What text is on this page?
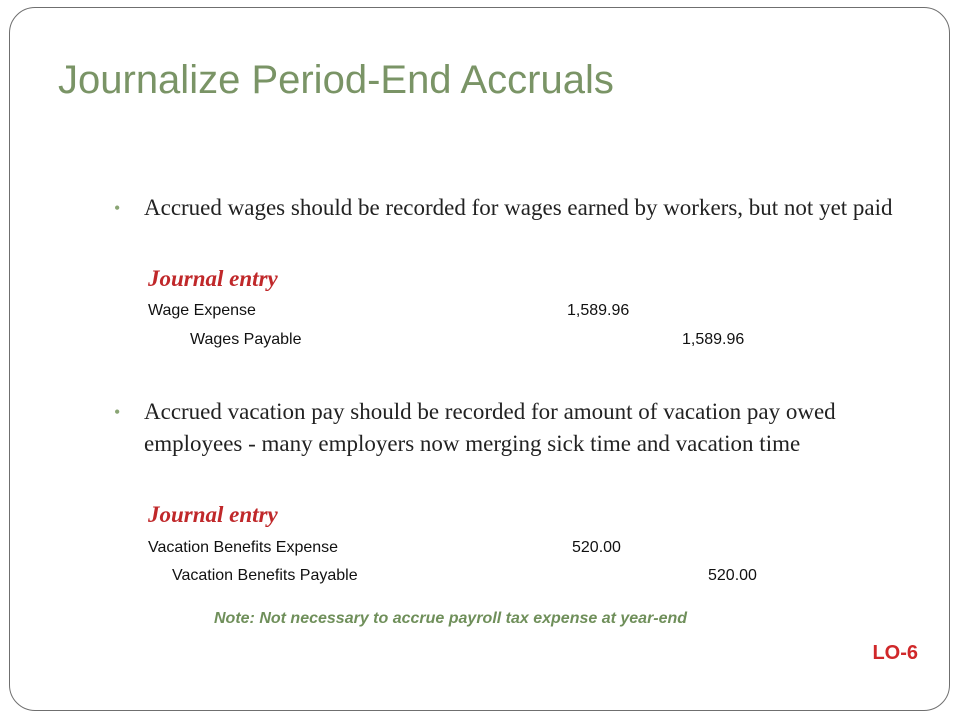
Journalize Period-End Accruals
•	Accrued wages should be recorded for wages earned by workers, but not yet paid

Journal entry

Wage Expense	1,589.96
Wages Payable	1,589.96
•	Accrued vacation pay should be recorded for amount of vacation pay owed employees - many employers now merging sick time and vacation time

Journal entry

Vacation Benefits Expense	520.00
Vacation Benefits Payable	520.00
Note: Not necessary to accrue payroll tax expense at year-end
LO-6
